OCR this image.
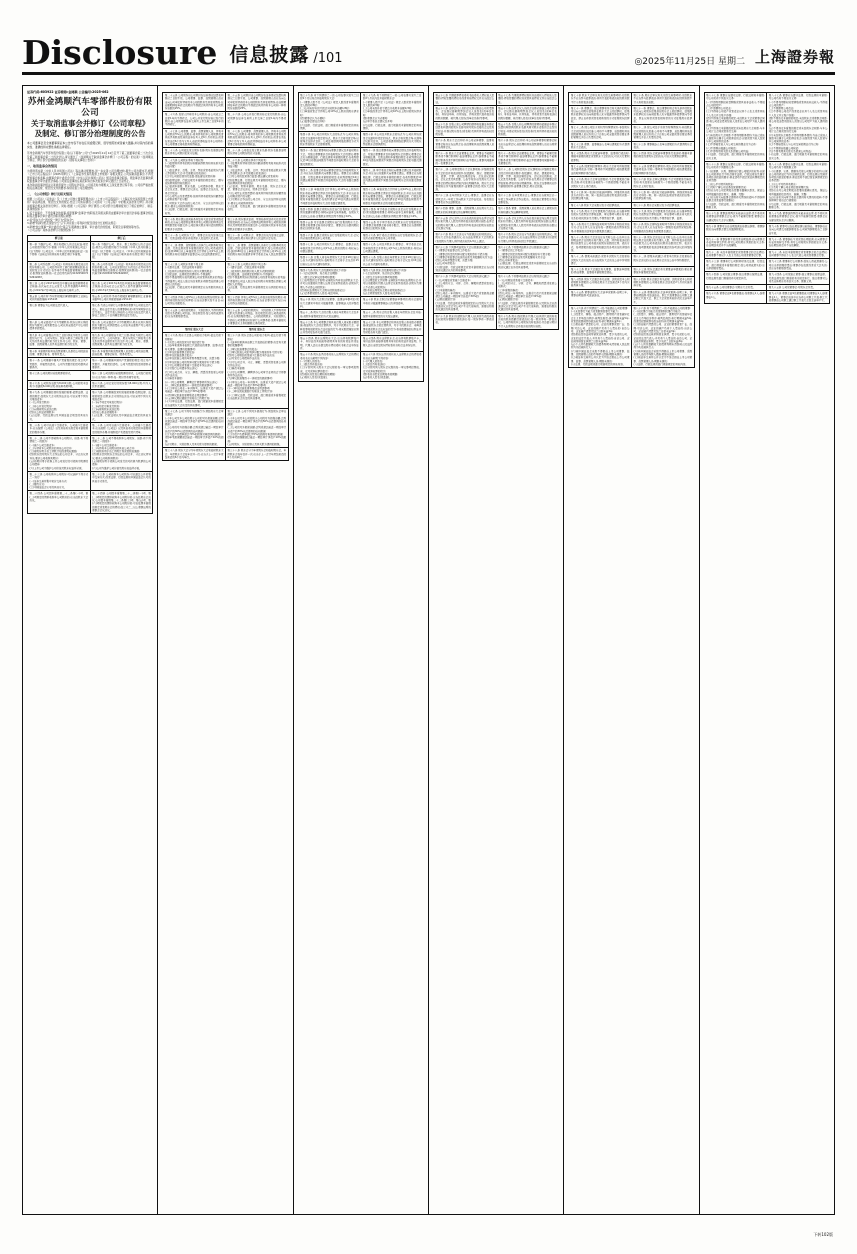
Disclosure 信息披露 /101	◎2025年11月25日 星期二 上海證券報
证券代码:603922 证券简称:金鸿顺 公告编号:2025-062
苏州金鸿顺汽车零部件股份有限公司
关于取消监事会并修订《公司章程》
及制定、修订部分治理制度的公告
本公司董事会及全体董事保证本公告内容不存在任何虚假记载、误导性陈述或者重大遗漏,并对其内容的真实性、准确性和完整性承担法律责任。
苏州金鸿顺汽车零部件股份有限公司(以下简称"公司")于2025年11月14日召开了第三届董事会第二十次会议及第三届监事会第二十四次会议,审议通过了《金鸿顺关于取消监事会并修订〈公司章程〉的议案》《金鸿顺关于制定、修订部分治理制度的议案》,现将有关事项公告如下:
一、取消监事会的情况
为贯彻落实新《中华人民共和国公司法》等法律法规要求,进一步完善公司治理结构,提升公司治理水平,根据《上市公司章程指引》(2025年修订)、《上海证券交易所股票上市规则》等相关规定,公司拟取消监事会,不再设置监事会和监事,由董事会审计委员会行使《中华人民共和国公司法》规定的监事会职权。原监事会及监事的职权由董事会审计委员会承接,公司现任监事的任期及职务自本次股东会审议通过之日起终止。
本次取消监事会相关议案尚需提交公司股东会审议,公司将及时办理相关工商变更登记等手续。公司将严格按照相关法律法规、规范性文件的要求,持续完善公司治理结构。
二、《公司章程》修订及相关情况
根据《公司法》《证券法》及《上市公司独立董事管理办法》《上市公司章程指引》《上海证券交易所股票上市规则》等法律法规、规范性文件的规定,结合公司实际情况,公司拟对《公司章程》中的相关条款进行修订,并对取消监事会相关条款进行修订。同时,根据《公司章程》修订情况,公司对部分治理制度进行了相应的修订、制定,具体情况如下:
1.鉴于监事会、不设监事会的监事,将原董事"监事会"的职权及其相关职责由董事会审计委员会承接,董事会相关职权及董事会审计委员会职责相应调整;
2.将"股东大会"表述统一修订为"股东会";
3.新增"利润分配及现金分红"章节,并完善公司利润分配及现金分红的相关规定;
4.新增"独立董事""审计委员会"等章节,明确独立董事、审计委员会的组成、职责及议事规则等内容。
《公司章程》具体条款修订对照情况如下:
修订前	修订后
第一条 为维护公司、股东和债权人的合法权益,规范公司的组织和行为,根据《中华人民共和国公司法》(以下简称《公司法》)、《中华人民共和国证券法》(以下简称《证券法》)和其他有关规定,制订本章程。	第一条 为维护公司、股东、职工和债权人的合法权益,规范公司的组织和行为,根据《中华人民共和国公司法》(以下简称《公司法》)、《中华人民共和国证券法》(以下简称《证券法》)和其他有关规定,制订本章程。
第二条 公司系依照《公司法》和其他有关规定成立的股份有限公司。公司经苏州市工商行政管理局批准,以发起设立方式设立;在苏州市市场监督管理局注册登记,取得营业执照,统一社会信用代码为91320500725264266Y。	第二条 公司系依照《公司法》和其他有关规定成立的股份有限公司。公司以发起设立方式设立;在苏州市市场监督管理局注册登记,取得营业执照,统一社会信用代码为91320500725264266Y。
第三条 公司于2017年6月经中国证券监督管理委员会核准,首次向社会公众发行人民币普通股2,000万股,于2017年7月10日在上海证券交易所上市。	第三条 公司于2017年6月经中国证券监督管理委员会核准,首次向社会公众发行人民币普通股2,000万股,于2017年7月10日在上海证券交易所上市。
第五条 公司住所:苏州市相城区黄埭镇潘阳工业园公司住所邮政编码:215143	第五条 公司住所:苏州市相城区黄埭镇潘阳工业园春丰路8号公司住所邮政编码:215143
第七条 董事长为公司的法定代表人。	第七条 代表公司执行公司事务的董事为公司的法定代表人。担任法定代表人的董事辞任的,视为同时辞去法定代表人。法定代表人辞任的,公司应当在法定代表人辞任之日起三十日内确定新的法定代表人。
第八条 公司全部资产分为等额股份,股东以其认购的股份为限对公司承担责任,公司以其全部资产对公司的债务承担责任。	第八条 公司全部资产分为等额股份,股东以其认购的股份为限对公司承担责任,公司以其全部财产对公司的债务承担责任。
第九条 本公司章程自生效之日起,即成为规范公司的组织与行为、公司与股东、股东与股东之间权利义务关系的具有法律约束力的文件,对公司、股东、董事、监事、高级管理人员具有法律约束力的文件。	第九条 本公司章程自生效之日起,即成为规范公司的组织与行为、公司与股东、股东与股东之间权利义务关系的具有法律约束力的文件,对公司、股东、董事、高级管理人员具有法律约束力的文件。
第十条 本章程所称其他高级管理人员是指公司的副总经理、董事会秘书、财务负责人。	第十条 本章程所称高级管理人员是指公司的总经理、副总经理、董事会秘书、财务负责人。
第十一条 公司根据中国共产党章程的规定,设立共产党组织、开展党的活动。公司为党组织的活动提供必要条件。	第十一条 公司根据中国共产党章程的规定,设立共产党组织、开展党的活动。公司为党组织的活动提供必要条件。
第十三条 公司的股份采取股票的形式。	第十三条 公司的股份采取股票的形式。公司发行的股份,应当为同一种类,每一股份具有同等权利。
第十六条 公司股份总数为8,000万股,公司的股本结构为:普通股8,000万股,其他种类股0股。	第十六条 公司已发行的股份数为8,000万股,均为人民币普通股。
第十九条 公司根据经营和发展的需要,依照法律、法规的规定,经股东大会分别作出决议,可以采用下列方式增加资本:
(一)公开发行股份;
(二)非公开发行股份;
(三)向现有股东派送红股;
(四)以公积金转增股本;
(五)法律、行政法规以及中国证监会规定的其他方式。
	第十九条 公司根据经营和发展的需要,依照法律、法规的规定,经股东会分别作出决议,可以采用下列方式增加资本:
(一)向不特定对象发行股份;
(二)向特定对象发行股份;
(三)向现有股东派送红股;
(四)以公积金转增股本;
(五)法律、行政法规以及中国证监会规定的其他方式。

第二十条 公司可以减少注册资本。公司减少注册资本,应当按照《公司法》以及其他有关规定和本章程规定的程序办理。	第二十条 公司可以减少注册资本。公司减少注册资本,应当按照《公司法》以及其他有关规定和本章程规定的程序办理,并编制资产负债表及财产清单。
第二十二条 公司不得收购本公司股份。但是,有下列情形之一的除外:
(一)减少公司注册资本;
(二)与持有本公司股份的其他公司合并;
(三)将股份用于员工持股计划或者股权激励;
(四)股东因对股东大会作出的公司合并、分立决议持异议,要求公司收购其股份;
(五)将股份用于转换上市公司发行的可转换为股票的公司债券;
(六)上市公司为维护公司价值及股东权益所必需。
	第二十二条 公司不得收购本公司股份。但是,有下列情形之一的除外:
(一)减少公司注册资本;
(二)与持有本公司股份的其他公司合并;
(三)将股份用于员工持股计划或者股权激励;
(四)股东因对股东会作出的公司合并、分立决议持异议,要求公司收购其股份;
(五)将股份用于转换公司发行的可转换为股票的公司债券;
(六)公司为维护公司价值及股东权益所必需。

第二十三条 公司收购本公司股份,可以选择下列方式之一进行:
(一)证券交易所集中竞价交易方式;
(二)要约方式;
(三)中国证监会认可的其他方式。	第二十三条 公司收购本公司股份,可以通过公开的集中交易方式,或者法律、行政法规和中国证监会认可的其他方式进行。
第二十四条 公司因本章程第二十二条第(一)项、第(二)项规定的情形收购本公司股份的,应当经股东大会决议。	第二十四条 公司因本章程第二十二条第(一)项、第(二)项规定的情形收购本公司股份的,应当经股东会决议;公司因本章程第二十二条第(三)项、第(五)项、第(六)项规定的情形收购本公司股份的,可以依照本章程的规定或者股东会的授权,经三分之二以上董事出席的董事会会议决议。
第二十五条 公司股份自公司股份在证券登记结算机构登记之日起生效。公司董事、监事、高级管理人员应当向公司申报所持有的本公司的股份及其变动情况,在任职期间每年转让的股份不得超过其所持有本公司股份总数的25%。	第二十五条 公司股份自公司股份在证券登记结算机构登记之日起生效。公司董事、高级管理人员应当向公司申报所持有的本公司的股份及其变动情况,在任职期间每年转让的股份不得超过其所持有本公司同一种类股份总数的25%。
第二十六条 发起人持有的本公司股份,自公司成立之日起1年内不得转让。公司公开发行股份前已发行的股份,自公司股票在证券交易所上市交易之日起1年内不得转让。	第二十六条 公司公开发行股份前已发行的股份,自公司股票在证券交易所上市交易之日起1年内不得转让。
第二十七条 公司董事、监事、高级管理人员、持有本公司股份5%以上的股东,将其持有的本公司股票或者其他具有股权性质的证券在买入后6个月内卖出,或者在卖出后6个月内又买入,由此所得收益归本公司所有,本公司董事会将收回其所得收益。	第二十七条 公司董事、高级管理人员、持有本公司股份5%以上的股东,将其持有的本公司股票或者其他具有股权性质的证券在买入后6个月内卖出,或者在卖出后6个月内又买入,由此所得收益归本公司所有,本公司董事会将收回其所得收益。
第二十八条 公司依法设立股东名册,股东名册是证明股东持有公司股份的充分证据。	第二十八条 公司依法设立股东名册,股东名册是证明股东持有公司股份的充分证据。
第二十九条 公司股东享有下列权利:
(一)依照其所持有的股份份额获得股利和其他形式的利益分配;
(二)依法请求、召集、主持、参加或者委派股东代理人参加股东大会,并行使相应的表决权;
(三)对公司的经营进行监督,提出建议或者质询;
(四)依照法律、行政法规及本章程的规定转让、赠与或质押其所持有的股份;
(五)查阅本章程、股东名册、公司债券存根、股东大会会议记录、董事会会议决议、监事会会议决议、财务会计报告;
(六)公司终止或者清算时,按其所持有的股份份额参加公司剩余财产的分配;
(七)对股东大会作出的公司合并、分立决议持异议的股东,要求公司收购其股份;
(八)法律、行政法规、部门规章或本章程规定的其他权利。
	第二十九条 公司股东享有下列权利:
(一)依照其所持有的股份份额获得股利和其他形式的利益分配;
(二)依法请求、召集、主持、参加或者委派股东代理人参加股东会,并行使相应的表决权;
(三)对公司的经营进行监督,提出建议或者质询;
(四)依照法律、行政法规及本章程的规定转让、赠与或质押其所持有的股份;
(五)查阅、复制本章程、股东名册、股东会会议记录、董事会会议决议、财务会计报告;
(六)公司终止或者清算时,按其所持有的股份份额参加公司剩余财产的分配;
(七)对股东会作出的公司合并、分立决议持异议的股东,要求公司收购其股份;
(八)法律、行政法规、部门规章或本章程规定的其他权利。

第三十条 股东提出查阅前条所述有关信息或者索取资料的,应当向公司提供证明其持有公司股份的种类以及持股数量的书面文件,公司经核实股东身份后按照股东的要求予以提供。	第三十条 股东要求查阅、复制前条所述有关信息或者索取资料的,应当向公司提供证明其持有公司股份的种类以及持股数量的书面文件,公司经核实股东身份后按照股东的要求予以提供。
第三十一条 公司股东大会、董事会决议内容违反法律、行政法规的,股东有权请求人民法院认定无效。	第三十一条 公司股东会、董事会决议内容违反法律、行政法规的,股东有权请求人民法院认定无效。
第三十二条 董事、高级管理人员执行公司职务时违反法律、行政法规或者本章程的规定,给公司造成损失的,连续180日以上单独或者合计持有公司1%以上股份的股东有权书面请求监事会向人民法院提起诉讼。	第三十二条 董事、高级管理人员执行公司职务时违反法律、行政法规或者本章程的规定,给公司造成损失的,连续180日以上单独或者合计持有公司1%以上股份的股东有权书面请求审计委员会向人民法院提起诉讼。
第三十三条 公司股东承担下列义务:
(一)遵守法律、行政法规和本章程;
(二)依其所认购的股份和入股方式缴纳股金;
(三)除法律、法规规定的情形外,不得退股;
(四)不得滥用股东权利损害公司或者其他股东的利益;不得滥用公司法人独立地位和股东有限责任损害公司债权人的利益;
(五)法律、行政法规及本章程规定应当承担的其他义务。
	第三十三条 公司股东承担下列义务:
(一)遵守法律、行政法规和本章程;
(二)依其所认购的股份和入股方式缴纳股款;
(三)除法律、法规规定的情形外,不得退股;
(四)不得滥用股东权利损害公司或者其他股东的利益;不得滥用公司法人独立地位和股东有限责任损害公司债权人的利益;
(五)法律、行政法规及本章程规定应当承担的其他义务。

第三十四条 持有公司5%以上有表决权股份的股东,将其持有的股份进行质押的,应当自该事实发生当日,向公司作出书面报告。	第三十四条 持有公司5%以上有表决权股份的股东,将其持有的股份进行质押的,应当自该事实发生当日,向公司作出书面报告。
第三十五条 公司的控股股东、实际控制人不得利用其关联关系损害公司利益。违反规定的,给公司造成损失的,应当承担赔偿责任。	第三十五条 公司的控股股东、实际控制人不得利用其关联关系损害公司利益。违反规定的,给公司造成损失的,应当承担赔偿责任。公司的控股股东、实际控制人不担任公司董事但实际执行公司事务的,适用本章程关于董事忠实义务和勤勉义务的规定。
第四章 股东大会	第四章 股东会
第三十六条 股东大会是公司的权力机构,依法行使下列职权:
(一)决定公司的经营方针和投资计划;
(二)选举和更换非由职工代表担任的董事、监事,决定有关董事、监事的报酬事项;
(三)审议批准董事会的报告;
(四)审议批准监事会报告;
(五)审议批准公司的年度财务预算方案、决算方案;
(六)审议批准公司的利润分配方案和弥补亏损方案;
(七)对公司增加或者减少注册资本作出决议;
(八)对发行公司债券作出决议;
(九)对公司合并、分立、解散、清算或者变更公司形式作出决议;
(十)修改本章程;
(十一)对公司聘用、解聘会计师事务所作出决议;
(十二)审议批准第四十一条规定的担保事项;
(十三)审议公司在一年内购买、出售重大资产超过公司最近一期经审计总资产30%的事项;
(十四)审议批准变更募集资金用途事项;
(十五)审议股权激励计划和员工持股计划;
(十六)审议法律、行政法规、部门规章或本章程规定应当由股东大会决定的其他事项。
	第三十六条 股东会是公司的权力机构,依法行使下列职权:
(一)选举和更换非由职工代表担任的董事,决定有关董事的报酬事项;
(二)审议批准董事会的报告;
(三)审议批准公司的利润分配方案和弥补亏损方案;
(四)对公司增加或者减少注册资本作出决议;
(五)对发行公司债券作出决议;
(六)对公司合并、分立、解散、清算或者变更公司形式作出决议;
(七)修改本章程;
(八)对公司聘用、解聘承办公司审计业务的会计师事务所作出决议;
(九)审议批准第四十一条规定的担保事项;
(十)审议公司在一年内购买、出售重大资产超过公司最近一期经审计总资产30%的事项;
(十一)审议批准变更募集资金用途事项;
(十二)审议股权激励计划和员工持股计划;
(十三)审议法律、行政法规、部门规章或本章程规定应当由股东会决定的其他事项。

第三十七条 公司下列对外担保行为,须经股东大会审议通过:
(一)本公司及本公司控股子公司的对外担保总额,达到或超过最近一期经审计净资产的50%以后提供的任何担保;
(二)公司的对外担保总额,达到或超过最近一期经审计总资产的30%以后提供的任何担保;
(三)为资产负债率超过70%的担保对象提供的担保;
(四)单笔担保额超过最近一期经审计净资产10%的担保;
(五)对股东、实际控制人及其关联方提供的担保。
	第三十七条 公司下列对外担保行为,须经股东会审议通过:
(一)本公司及本公司控股子公司的对外担保总额,达到或超过最近一期经审计净资产的50%以后提供的任何担保;
(二)公司的对外担保总额,达到或超过最近一期经审计总资产的30%以后提供的任何担保;
(三)为资产负债率超过70%的担保对象提供的担保;
(四)单笔担保额超过最近一期经审计净资产10%的担保;
(五)对股东、实际控制人及其关联方提供的担保。

第三十八条 股东大会分为年度股东大会和临时股东大会。年度股东大会每年召开一次,应当于上一会计年度结束后的6个月内举行。	第三十八条 股东会分为年度股东会和临时股东会。年度股东会每年召开一次,应当于上一会计年度结束后的6个月内举行。
第三十九条 有下列情形之一的,公司在事实发生之日起2个月以内召开临时股东大会:
(一)董事人数不足《公司法》规定人数或者本章程所定人数的2/3时;
(二)公司未弥补的亏损达实收股本总额1/3时;
(三)单独或者合计持有公司10%以上股份的股东请求时;
(四)董事会认为必要时;
(五)监事会提议召开时;
(六)法律、行政法规、部门规章或本章程规定的其他情形。
	第三十九条 有下列情形之一的,公司在事实发生之日起2个月以内召开临时股东会:
(一)董事人数不足《公司法》规定人数或者本章程所定人数的2/3时;
(二)公司未弥补的亏损达实收股本总额1/3时;
(三)单独或者合计持有公司10%以上股份的股东请求时;
(四)董事会认为必要时;
(五)审计委员会提议召开时;
(六)法律、行政法规、部门规章或本章程规定的其他情形。

第四十条 本公司召开股东大会的地点为:公司住所地或者会议通知中指定的地点。股东大会将设置会场,以现场会议形式召开。公司还将提供网络投票的方式为股东参加股东大会提供便利。	第四十条 本公司召开股东会的地点为:公司住所地或者会议通知中指定的地点。股东会将设置会场,以现场会议形式召开。公司还将提供网络投票的方式为股东参加股东会提供便利。
第四十一条 独立董事有权向董事会提议召开临时股东大会。对独立董事要求召开临时股东大会的提议,董事会应当根据法律、行政法规和本章程的规定,在收到提议后10日内提出同意或不同意召开临时股东大会的书面反馈意见。	第四十一条 独立董事有权向董事会提议召开临时股东会。对独立董事要求召开临时股东会的提议,董事会应当根据法律、行政法规和本章程的规定,在收到提议后10日内提出同意或不同意召开临时股东会的书面反馈意见。
第四十二条 监事会有权向董事会提议召开临时股东大会,并应当以书面形式向董事会提出。董事会应当根据法律、行政法规和本章程的规定,在收到提案后10日内提出同意或不同意召开临时股东大会的书面反馈意见。	第四十二条 审计委员会有权向董事会提议召开临时股东会,并应当以书面形式向董事会提出。董事会应当根据法律、行政法规和本章程的规定,在收到提案后10日内提出同意或不同意召开临时股东会的书面反馈意见。
第四十三条 单独或者合计持有公司10%以上股份的股东有权向董事会请求召开临时股东大会,并应当以书面形式向董事会提出。董事会应当根据法律、行政法规和本章程的规定,在收到请求后10日内提出同意或不同意召开临时股东大会的书面反馈意见。	第四十三条 单独或者合计持有公司10%以上股份的股东有权向董事会请求召开临时股东会,并应当以书面形式向董事会提出。董事会应当根据法律、行政法规和本章程的规定,在收到请求后10日内提出同意或不同意召开临时股东会的书面反馈意见。
第四十四条 监事会或股东决定自行召集股东大会的,须书面通知董事会,同时向证券交易所备案。在股东大会决议公告前,召集股东持股比例不得低于10%。	第四十四条 审计委员会或股东决定自行召集股东会的,须书面通知董事会,同时向证券交易所备案。在股东会决议公告前,召集股东持股比例不得低于10%。
第四十五条 对于监事会或股东自行召集的股东大会,董事会和董事会秘书将予配合。董事会应当提供股权登记日的股东名册。	第四十五条 对于审计委员会或股东自行召集的股东会,董事会和董事会秘书将予配合。董事会应当提供股权登记日的股东名册。
第四十六条 监事会或股东自行召集的股东大会,会议所必需的费用由本公司承担。	第四十六条 审计委员会或股东自行召集的股东会,会议所必需的费用由本公司承担。
第四十七条 公司召开股东大会,董事会、监事会以及单独或者合并持有公司1%以上股份的股东,有权向公司提出提案。	第四十七条 公司召开股东会,董事会、审计委员会以及单独或者合并持有公司1%以上股份的股东,有权向公司提出提案。
第四十八条 召集人将在年度股东大会召开20日前以公告方式通知各股东,临时股东大会将于会议召开15日前以公告方式通知各股东。	第四十八条 召集人将在年度股东会召开20日前以公告方式通知各股东,临时股东会将于会议召开15日前以公告方式通知各股东。
第四十九条 股东大会的通知包括以下内容:
(一)会议的时间、地点和会议期限;
(二)提交会议审议的事项和提案;
(三)以明显的文字说明:全体股东均有权出席股东大会,并可以书面委托代理人出席会议和参加表决,该股东代理人不必是公司的股东;
(四)有权出席股东大会股东的股权登记日;
(五)会务常设联系人姓名,电话号码。
	第四十九条 股东会的通知包括以下内容:
(一)会议的时间、地点和会议期限;
(二)提交会议审议的事项和提案;
(三)以明显的文字说明:全体股东均有权出席股东会,并可以书面委托代理人出席会议和参加表决,该股东代理人不必是公司的股东;
(四)有权出席股东会股东的股权登记日;
(五)会务常设联系人姓名,电话号码。

第五十条 股东大会拟讨论董事、监事选举事项的,股东大会通知中将充分披露董事、监事候选人的详细资料。	第五十条 股东会拟讨论董事选举事项的,股东会通知中将充分披露董事候选人的详细资料。
第五十二条 股东大会的召集人将在年度股东大会召开前,按照本章程规定的方式发出通知。	第五十二条 股东会的召集人将在年度股东会召开前,按照本章程规定的方式发出通知。
第五十三条 本公司董事会和其他召集人将采取必要措施,保证股东大会的正常秩序。对于干扰股东大会、寻衅滋事和侵犯股东合法权益的行为,将采取措施加以制止并及时报告有关部门查处。	第五十三条 本公司董事会和其他召集人将采取必要措施,保证股东会的正常秩序。对于干扰股东会、寻衅滋事和侵犯股东合法权益的行为,将采取措施加以制止并及时报告有关部门查处。
第五十四条 股东出席股东大会,应当持有股票账户卡、身份证或其他能够表明其身份的有效证件或证明。代理人还应当提交股东授权委托书和合法身份证件。	第五十四条 股东出席股东会,应当持有股票账户卡、身份证或其他能够表明其身份的有效证件或证明。代理人还应当提交股东授权委托书和合法身份证件。
第五十六条 股东出具的委托他人出席股东大会的授权委托书应当载明下列内容:
(一)代理人的姓名;
(二)是否具有表决权;
(三)分别对列入股东大会议程的每一审议事项投赞成、反对或弃权票的指示;
(四)委托书签发日期和有效期限;
(五)委托人签名(或盖章)。
	第五十六条 股东出具的委托他人出席股东会的授权委托书应当载明下列内容:
(一)代理人的姓名;
(二)是否具有表决权;
(三)分别对列入股东会议程的每一审议事项投赞成、反对或弃权票的指示;
(四)委托书签发日期和有效期限;
(五)委托人签名(或盖章)。
第五十七条 代理投票授权委托书由委托人授权他人签署的,授权签署的授权书或者其他授权文件应当经过公证。	第五十七条 代理投票授权委托书由委托人授权他人签署的,授权签署的授权书或者其他授权文件应当经过公证。
第五十八条 出席会议人员的会议登记册由公司负责制作。会议登记册载明参加会议人员姓名(或单位名称)、身份证号码、住所地址、持有或者代表有表决权的股份数额、被代理人姓名(或单位名称)等事项。	第五十八条 出席会议人员的会议登记册由公司负责制作。会议登记册载明参加会议人员姓名(或单位名称)、身份证号码、住所地址、持有或者代表有表决权的股份数额、被代理人姓名(或单位名称)等事项。
第五十九条 召集人和公司聘请的律师将依据证券登记结算机构提供的股东名册共同对股东资格的合法性进行验证,并登记股东姓名(或名称)及其所持有表决权的股份数。	第五十九条 召集人和公司聘请的律师将依据证券登记结算机构提供的股东名册共同对股东资格的合法性进行验证,并登记股东姓名(或名称)及其所持有表决权的股份数。
第六十条 股东大会召开时,本公司全体董事、监事和董事会秘书应当出席会议,总经理和其他高级管理人员应当列席会议。	第六十条 股东会召开时,本公司全体董事和董事会秘书应当出席会议,总经理和其他高级管理人员应当列席会议。
第六十一条 股东大会由董事长主持。董事长不能履行职务或不履行职务时,由副董事长主持;副董事长不能履行职务或者不履行职务时,由半数以上董事共同推举的一名董事主持。	第六十一条 股东会由董事长主持。董事长不能履行职务或不履行职务时,由副董事长主持;副董事长不能履行职务或者不履行职务时,由过半数董事共同推举的一名董事主持。
第六十二条 公司制定股东大会议事规则,详细规定股东大会的召开和表决程序,包括通知、登记、提案的审议、投票、计票、表决结果的宣布、会议决议的形成、会议记录及其签署、公告等内容,以及股东大会对董事会的授权原则,授权内容应明确具体。股东大会议事规则应作为章程的附件,由董事会拟定,股东大会批准。	第六十二条 公司制定股东会议事规则,详细规定股东会的召开和表决程序,包括通知、登记、提案的审议、投票、计票、表决结果的宣布、会议决议的形成、会议记录及其签署、公告等内容,以及股东会对董事会的授权原则,授权内容应明确具体。股东会议事规则应作为章程的附件,由董事会拟定,股东会批准。
第六十三条 在年度股东大会上,董事会、监事会应当就其过去一年的工作向股东大会作出报告。每名独立董事也应作出述职报告。	第六十三条 在年度股东会上,董事会应当就其过去一年的工作向股东会作出报告。每名独立董事也应作出述职报告。
第六十四条 董事、监事、高级管理人员在股东大会上就股东的质询和建议作出解释和说明。	第六十四条 董事、高级管理人员在股东会上就股东的质询和建议作出解释和说明。
第六十五条 会议主持人应当在表决前宣布出席会议的股东和代理人人数及所持有表决权的股份总数,出席会议的股东和代理人人数及所持有表决权的股份总数以会议登记为准。	第六十五条 会议主持人应当在表决前宣布出席会议的股东和代理人人数及所持有表决权的股份总数,出席会议的股东和代理人人数及所持有表决权的股份总数以会议登记为准。
第六十六条 股东大会决议分为普通决议和特别决议。股东大会作出普通决议,应当由出席股东大会的股东(包括股东代理人)所持表决权的1/2以上通过。	第六十六条 股东会决议分为普通决议和特别决议。股东会作出普通决议,应当由出席股东会的股东(包括股东代理人)所持表决权的过半数通过。
第六十七条 下列事项由股东大会以普通决议通过:
(一)董事会和监事会的工作报告;
(二)董事会拟定的利润分配方案和弥补亏损方案;
(三)董事会和监事会成员的任免及其报酬和支付方法;
(四)公司年度预算方案、决算方案;
(五)公司年度报告;
(六)除法律、行政法规规定或者本章程规定应当以特别决议通过以外的其他事项。
	第六十七条 下列事项由股东会以普通决议通过:
(一)董事会的工作报告;
(二)董事会拟定的利润分配方案和弥补亏损方案;
(三)董事会成员的任免及其报酬和支付方法;
(四)公司年度报告;
(五)除法律、行政法规规定或者本章程规定应当以特别决议通过以外的其他事项。

第六十八条 下列事项由股东大会以特别决议通过:
(一)公司增加或者减少注册资本;
(二)公司的分立、分拆、合并、解散和清算或变更公司形式;
(三)本章程的修改;
(四)公司在一年内购买、出售重大资产或者担保金额超过公司最近一期经审计总资产30%的;
(五)股权激励计划;
(六)法律、行政法规或本章程规定的,以及股东大会以普通决议认定会对公司产生重大影响的、需要以特别决议通过的其他事项。
	第六十八条 下列事项由股东会以特别决议通过:
(一)公司增加或者减少注册资本;
(二)公司的分立、分拆、合并、解散和清算或变更公司形式;
(三)本章程的修改;
(四)公司在一年内购买、出售重大资产或者担保金额超过公司最近一期经审计总资产30%的;
(五)股权激励计划;
(六)法律、行政法规或本章程规定的,以及股东会以普通决议认定会对公司产生重大影响的、需要以特别决议通过的其他事项。

第六十九条 股东(包括股东代理人)以其所代表的有表决权的股份数额行使表决权,每一股份享有一票表决权。	第六十九条 股东(包括股东代理人)以其所代表的有表决权的股份数额行使表决权,每一股份享有一票表决权。公司持有的本公司股份没有表决权,且该部分股份不计入出席股东会有表决权的股份总数。
第七十条 股东大会审议有关关联交易事项时,关联股东不应当参与投票表决,其所代表的有表决权的股份数不计入有效表决总数。	第七十条 股东会审议有关关联交易事项时,关联股东不应当参与投票表决,其所代表的有表决权的股份数不计入有效表决总数。
第七十一条 董事会、独立董事和符合有关条件的股东可以向公司股东征集其在股东大会上的投票权。征集股东投票权应当向被征集人充分披露具体投票意向等信息。禁止以有偿或者变相有偿的方式征集股东投票权。	第七十一条 董事会、独立董事和符合有关条件的股东可以向公司股东征集其在股东会上的投票权。征集股东投票权应当向被征集人充分披露具体投票意向等信息。禁止以有偿或者变相有偿的方式征集股东投票权。
第七十二条 除公司处于危机等特殊情况外,非经股东大会以特别决议批准,公司将不与董事、总经理和其他高级管理人员以外的人订立将公司全部或者重要业务的管理交予该人负责的合同。	第七十二条 除公司处于危机等特殊情况外,非经股东会以特别决议批准,公司将不与董事、总经理和其他高级管理人员以外的人订立将公司全部或者重要业务的管理交予该人负责的合同。
第七十三条 董事、监事候选人名单以提案的方式提请股东大会表决。	第七十三条 董事候选人名单以提案的方式提请股东会表决。
第七十四条 股东大会就选举董事、监事进行表决时,根据本章程的规定或者股东大会的决议,可以实行累积投票制。	第七十四条 股东会就选举董事进行表决时,根据本章程的规定或者股东会的决议,可以实行累积投票制。
第七十五条 除累积投票制外,股东大会将对所有提案进行逐项表决,对同一事项有不同提案的,将按提案提出的时间顺序进行表决。	第七十五条 除累积投票制外,股东会将对所有提案进行逐项表决,对同一事项有不同提案的,将按提案提出的时间顺序进行表决。
第七十六条 股东大会审议提案时,不会对提案进行修改,否则,有关变更应当被视为一个新的提案,不能在本次股东大会上进行表决。	第七十六条 股东会审议提案时,不会对提案进行修改,否则,有关变更应当被视为一个新的提案,不能在本次股东会上进行表决。
第七十七条 同一表决权只能选择现场、网络或其他表决方式中的一种。同一表决权出现重复表决的以第一次投票结果为准。	第七十七条 同一表决权只能选择现场、网络或其他表决方式中的一种。同一表决权出现重复表决的以第一次投票结果为准。
第七十八条 股东大会采取记名方式投票表决。	第七十八条 股东会采取记名方式投票表决。
第七十九条 股东大会对提案进行表决前,应当推举两名股东代表参加计票和监票。审议事项与股东有关联关系的,相关股东及代理人不得参加计票、监票。	第七十九条 股东会对提案进行表决前,应当推举两名股东代表参加计票和监票。审议事项与股东有关联关系的,相关股东及代理人不得参加计票、监票。
第八十条 股东大会现场结束时间不得早于网络或其他方式,会议主持人应当宣布每一提案的表决情况和结果,并根据表决结果宣布提案是否通过。	第八十条 股东会现场结束时间不得早于网络或其他方式,会议主持人应当宣布每一提案的表决情况和结果,并根据表决结果宣布提案是否通过。
第八十一条 股东大会决议应当及时公告,公告中应当列明出席会议的股东和代理人人数、所持有表决权的股份总数及占公司有表决权股份总数的比例、表决方式、每项提案的表决结果和通过的各项决议的详细内容。	第八十一条 股东会决议应当及时公告,公告中应当列明出席会议的股东和代理人人数、所持有表决权的股份总数及占公司有表决权股份总数的比例、表决方式、每项提案的表决结果和通过的各项决议的详细内容。
第八十二条 提案未获通过,或者本次股东大会变更前次股东大会决议的,应当在股东大会决议公告中作特别提示。	第八十二条 提案未获通过,或者本次股东会变更前次股东会决议的,应当在股东会决议公告中作特别提示。
第八十三条 股东大会通过有关董事、监事选举提案的,新任董事、监事按本章程规定就任。	第八十三条 股东会通过有关董事选举提案的,新任董事按本章程规定就任。
第八十四条 股东大会通过有关派现、送股或资本公积转增股本提案的,公司将在股东大会结束后2个月内实施具体方案。	第八十四条 股东会通过有关派现、送股或资本公积转增股本提案的,公司将在股东会结束后2个月内实施具体方案。
第八十五条 董事由股东大会选举或更换,任期三年。董事任期届满,可连选连任。	第八十五条 董事由股东会选举或更换,任期三年。董事任期届满,可连选连任。职工代表董事由公司职工通过职工代表大会、职工大会或者其他形式民主选举产生。
第八十六条 有下列情形之一的,不能担任公司的董事:
(一)无民事行为能力或者限制民事行为能力;
(二)因贪污、贿赂、侵占财产、挪用财产或者破坏社会主义市场经济秩序,被判处刑罚,执行期满未逾5年,或者因犯罪被剥夺政治权利,执行期满未逾5年;
(三)担任破产清算的公司、企业的董事或者厂长、经理,对该公司、企业的破产负有个人责任的,自该公司、企业破产清算完结之日起未逾3年;
(四)担任因违法被吊销营业执照、责令关闭的公司、企业的法定代表人,并负有个人责任的,自该公司、企业被吊销营业执照之日起未逾3年;
(五)个人所负数额较大的债务到期未清偿被人民法院列为失信被执行人;
(六)被中国证监会采取不得担任上市公司董事、监事、高级管理人员的市场禁入措施,期限未满的;
(七)被证券交易所公开认定为不适合担任上市公司董事、监事、高级管理人员,期限未满的;
(八)法律、行政法规或部门规章规定的其他内容。
	第八十六条 有下列情形之一的,不能担任公司的董事:
(一)无民事行为能力或者限制民事行为能力;
(二)因贪污、贿赂、侵占财产、挪用财产或者破坏社会主义市场经济秩序,被判处刑罚,执行期满未逾5年,或者因犯罪被剥夺政治权利,执行期满未逾5年;
(三)担任破产清算的公司、企业的董事或者厂长、经理,对该公司、企业的破产负有个人责任的,自该公司、企业破产清算完结之日起未逾3年;
(四)担任因违法被吊销营业执照、责令关闭的公司、企业的法定代表人,并负有个人责任的,自该公司、企业被吊销营业执照、责令关闭之日起未逾3年;
(五)个人所负数额较大的债务到期未清偿被人民法院列为失信被执行人;
(六)被中国证监会采取不得担任上市公司董事、高级管理人员的市场禁入措施,期限未满的;
(七)被证券交易所公开认定为不适合担任上市公司董事、高级管理人员,期限未满的;
(八)法律、行政法规或部门规章规定的其他内容。
第八十七条 董事应当遵守法律、行政法规和本章程,对公司负有下列忠实义务:
(一)不得利用职权收受贿赂或者其他非法收入,不得侵占公司的财产;
(二)不得挪用公司资金;
(三)不得将公司资产或者资金以其个人名义或者其他个人名义开立账户存储;
(四)不得违反本章程的规定,未经股东大会或董事会同意,将公司资金借贷给他人或者以公司财产为他人提供担保;
(五)不得违反本章程的规定或未经股东大会同意,与本公司订立合同或者进行交易;
(六)未经股东大会同意,不得利用职务便利,为自己或他人谋取本应属于公司的商业机会,自营或者为他人经营与本公司同类的业务;
(七)不得接受他人与公司交易的佣金归为己有;
(八)不得擅自披露公司秘密;
(九)不得利用其关联关系损害公司利益;
(十)法律、行政法规、部门规章及本章程规定的其他忠实义务。
	第八十七条 董事应当遵守法律、行政法规和本章程,对公司负有下列忠实义务:
(一)不得利用职权收受贿赂或者其他非法收入,不得侵占公司的财产;
(二)不得挪用公司资金;
(三)不得将公司资产或者资金以其个人名义或者其他个人名义开立账户存储;
(四)不得违反本章程的规定,未经股东会或董事会同意,将公司资金借贷给他人或者以公司财产为他人提供担保;
(五)不得违反本章程的规定或未经股东会同意,与本公司订立合同或者进行交易;
(六)未经股东会同意,不得利用职务便利,为自己或他人谋取本应属于公司的商业机会,自营或者为他人经营与本公司同类的业务;
(七)不得接受他人与公司交易的佣金归为己有;
(八)不得擅自披露公司秘密;
(九)不得利用其关联关系损害公司利益;
(十)法律、行政法规、部门规章及本章程规定的其他忠实义务。

第八十八条 董事应当遵守法律、行政法规和本章程,对公司负有下列勤勉义务:
(一)应谨慎、认真、勤勉地行使公司赋予的权利,以保证公司的商业行为符合国家法律、行政法规以及国家各项经济政策的要求,商业活动不超过营业执照规定的业务范围;
(二)应公平对待所有股东;
(三)及时了解公司业务经营管理状况;
(四)应当对公司定期报告签署书面确认意见。保证公司所披露的信息真实、准确、完整;
(五)应当如实向监事会提供有关情况和资料,不得妨碍监事会或者监事行使职权;
(六)法律、行政法规、部门规章及本章程规定的其他勤勉义务。
	第八十八条 董事应当遵守法律、行政法规和本章程,对公司负有下列勤勉义务:
(一)应谨慎、认真、勤勉地行使公司赋予的权利,以保证公司的商业行为符合国家法律、行政法规以及国家各项经济政策的要求,商业活动不超过营业执照规定的业务范围;
(二)应公平对待所有股东;
(三)及时了解公司业务经营管理状况;
(四)应当对公司定期报告签署书面确认意见。保证公司所披露的信息真实、准确、完整;
(五)应当如实向审计委员会提供有关情况和资料,不得妨碍审计委员会行使职权;
(六)法律、行政法规、部门规章及本章程规定的其他勤勉义务。

第八十九条 董事连续两次未能亲自出席,也不委托其他董事出席董事会会议,视为不能履行职责,董事会应当建议股东大会予以撤换。	第八十九条 董事连续两次未能亲自出席,也不委托其他董事出席董事会会议,视为不能履行职责,董事会应当建议股东会予以撤换。
第九十条 董事可以在任期届满以前提出辞职。董事辞职应当向董事会提交书面辞职报告。	第九十条 董事可以在任期届满以前辞任。董事辞任应当向公司提交书面辞职报告,公司收到辞职报告之日辞任生效。
第九十一条 董事辞职生效或者任期届满,应向董事会办妥所有移交手续,其对公司和股东承担的忠实义务,在任期结束后并不当然解除。	第九十一条 董事辞任生效或者任期届满,应向董事会办妥所有移交手续,其对公司和股东承担的忠实义务,在任期结束后并不当然解除。
第九十二条 未经本章程规定或者董事会的合法授权,任何董事不得以个人名义代表公司或者董事会行事。	第九十二条 未经本章程规定或者董事会的合法授权,任何董事不得以个人名义代表公司或者董事会行事。
第九十三条 董事执行公司职务时违反法律、行政法规、部门规章或本章程的规定,给公司造成损失的,应当承担赔偿责任。	第九十三条 董事执行公司职务,给他人造成损害的,公司应当承担赔偿责任;董事存在故意或者重大过失的,也应当承担赔偿责任。
第九十四条 公司设独立董事,独立董事应按照法律、行政法规及部门规章的有关规定执行。	第九十四条 公司设独立董事,独立董事应按照法律、行政法规及部门规章的有关规定执行。独立董事对公司及全体股东负有忠实义务、勤勉义务。
第九十五条 公司设董事会,对股东大会负责。	第九十五条 公司设董事会,对股东会负责。
第九十六条 董事会由9名董事组成,设董事长1人,副董事长1人。	第九十六条 董事会由9名董事组成,设董事长1人,副董事长1人。董事会成员中应当有公司职工代表,职工代表董事由公司职工通过职工代表大会民主选举产生。
下转102版
